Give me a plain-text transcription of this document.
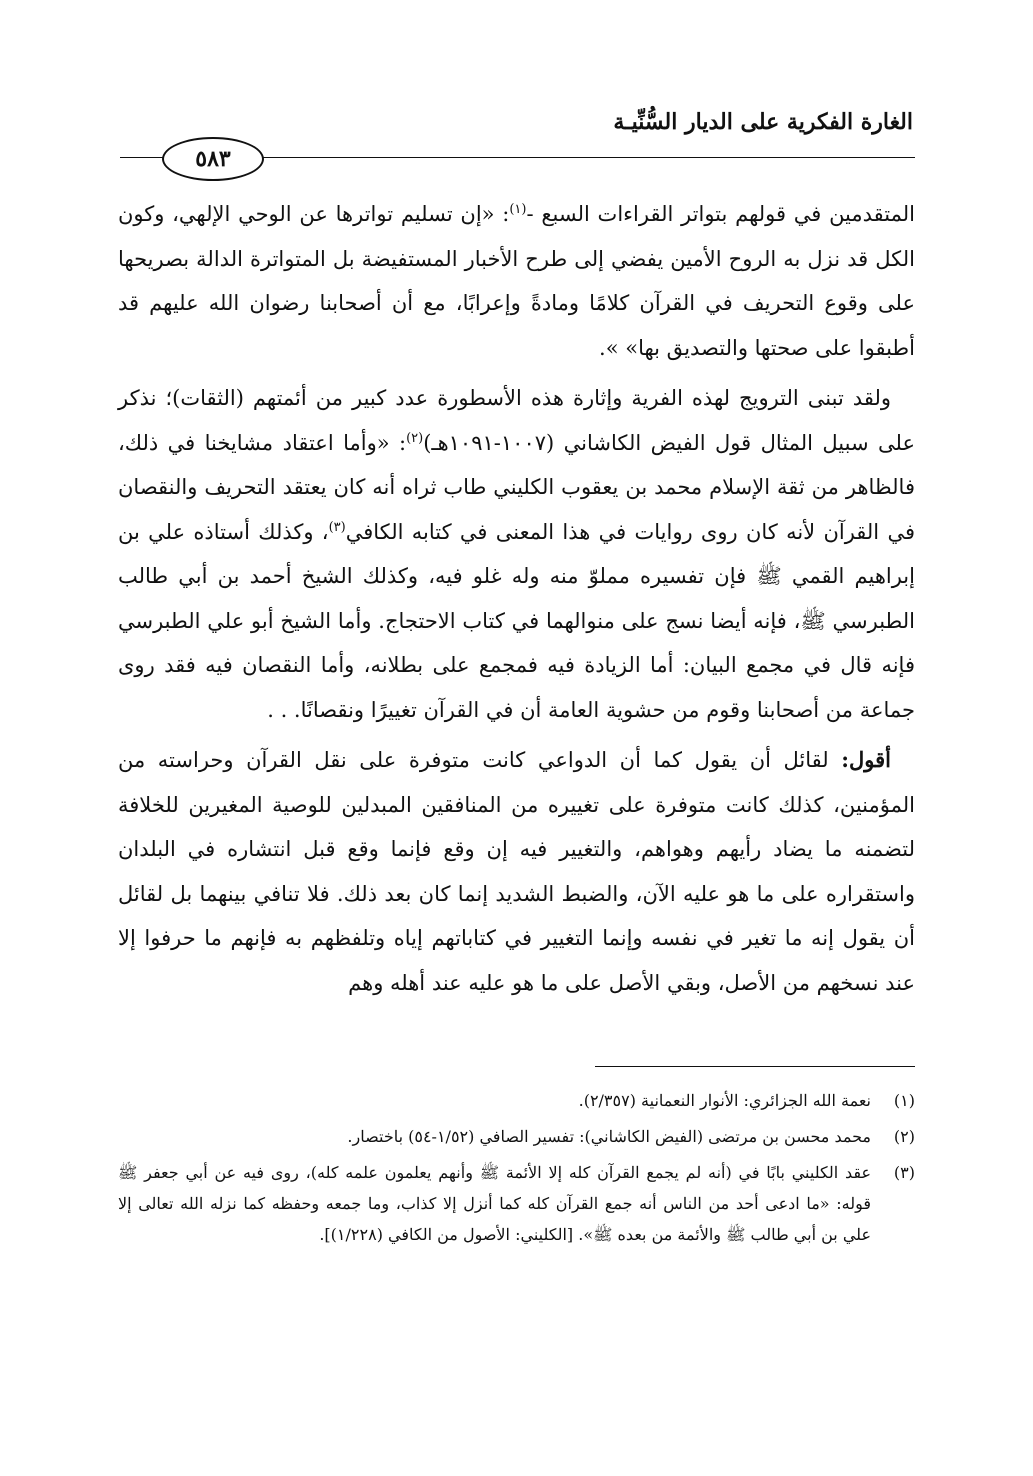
الغارة الفكرية على الديار السُّنِّيـة
٥٨٣

المتقدمين في قولهم بتواتر القراءات السبع -$^{(١)}$: «إن تسليم تواترها عن الوحي الإلهي، وكون الكل قد نزل به الروح الأمين يفضي إلى طرح الأخبار المستفيضة بل المتواترة الدالة بصريحها على وقوع التحريف في القرآن كلامًا ومادةً وإعرابًا، مع أن أصحابنا رضوان الله عليهم قد أطبقوا على صحتها والتصديق بها» ».

ولقد تبنى الترويج لهذه الفرية وإثارة هذه الأسطورة عدد كبير من أئمتهم (الثقات)؛ نذكر على سبيل المثال قول الفيض الكاشاني (١٠٠٧-١٠٩١هـ)$^{(٢)}$: «وأما اعتقاد مشايخنا في ذلك، فالظاهر من ثقة الإسلام محمد بن يعقوب الكليني طاب ثراه أنه كان يعتقد التحريف والنقصان في القرآن لأنه كان روى روايات في هذا المعنى في كتابه الكافي$^{(٣)}$، وكذلك أستاذه علي بن إبراهيم القمي ﷺ فإن تفسيره مملوّ منه وله غلو فيه، وكذلك الشيخ أحمد بن أبي طالب الطبرسي ﷺ، فإنه أيضا نسج على منوالهما في كتاب الاحتجاج. وأما الشيخ أبو علي الطبرسي فإنه قال في مجمع البيان: أما الزيادة فيه فمجمع على بطلانه، وأما النقصان فيه فقد روى جماعة من أصحابنا وقوم من حشوية العامة أن في القرآن تغييرًا ونقصانًا. . .

أقول: لقائل أن يقول كما أن الدواعي كانت متوفرة على نقل القرآن وحراسته من المؤمنين، كذلك كانت متوفرة على تغييره من المنافقين المبدلين للوصية المغيرين للخلافة لتضمنه ما يضاد رأيهم وهواهم، والتغيير فيه إن وقع فإنما وقع قبل انتشاره في البلدان واستقراره على ما هو عليه الآن، والضبط الشديد إنما كان بعد ذلك. فلا تنافي بينهما بل لقائل أن يقول إنه ما تغير في نفسه وإنما التغيير في كتاباتهم إياه وتلفظهم به فإنهم ما حرفوا إلا عند نسخهم من الأصل، وبقي الأصل على ما هو عليه عند أهله وهم

(١)
نعمة الله الجزائري: الأنوار النعمانية (٢/٣٥٧).
(٢)
محمد محسن بن مرتضى (الفيض الكاشاني): تفسير الصافي (١/٥٢-٥٤) باختصار.
(٣)
عقد الكليني بابًا في (أنه لم يجمع القرآن كله إلا الأئمة ﷺ وأنهم يعلمون علمه كله)، روى فيه عن أبي جعفر ﷺ قوله: «ما ادعى أحد من الناس أنه جمع القرآن كله كما أنزل إلا كذاب، وما جمعه وحفظه كما نزله الله تعالى إلا علي بن أبي طالب ﷺ والأئمة من بعده ﷺ». [الكليني: الأصول من الكافي (١/٢٢٨)].
